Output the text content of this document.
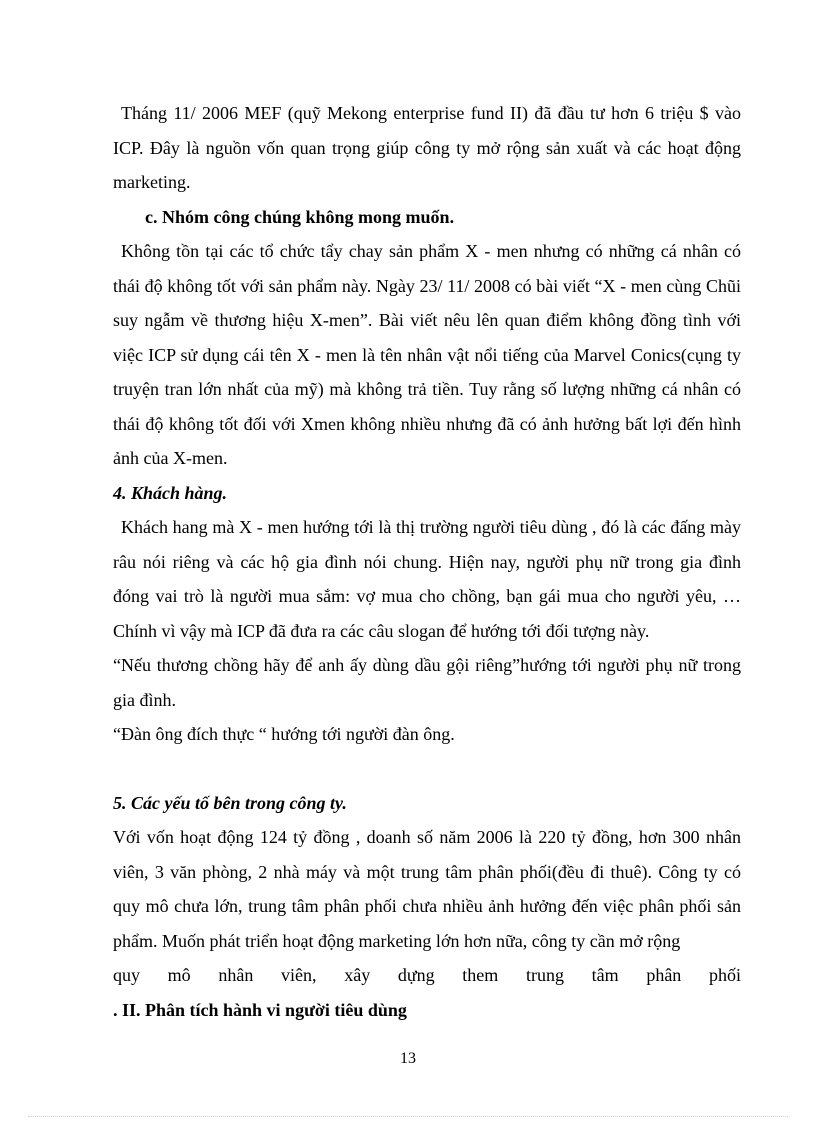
Tháng 11/ 2006 MEF (quỹ Mekong enterprise fund II) đã đầu tư hơn 6 triệu $ vào ICP. Đây là nguồn vốn quan trọng giúp công ty mở rộng sản xuất và các hoạt động marketing.

c. Nhóm công chúng không mong muốn.

Không tồn tại các tổ chức tẩy chay sản phẩm X - men nhưng có những cá nhân có thái độ không tốt với sản phẩm này. Ngày 23/ 11/ 2008 có bài viết “X - men cùng Chũi suy ngẫm về thương hiệu X-men”. Bài viết nêu lên quan điểm không đồng tình với việc ICP sử dụng cái tên X - men là tên nhân vật nổi tiếng của Marvel Conics(cụng ty truyện tran lớn nhất của mỹ) mà không trả tiền. Tuy rằng số lượng những cá nhân có thái độ không tốt đối với Xmen không nhiều nhưng đã có ảnh hưởng bất lợi đến hình ảnh của X-men.

4. Khách hàng.

Khách hang mà X - men hướng tới là thị trường người tiêu dùng , đó là các đấng mày râu nói riêng và các hộ gia đình nói chung. Hiện nay, người phụ nữ trong gia đình đóng vai trò là người mua sắm: vợ mua cho chồng, bạn gái mua cho người yêu, … Chính vì vậy mà ICP đã đưa ra các câu slogan để hướng tới đối tượng này.

“Nếu thương chồng hãy để anh ấy dùng dầu gội riêng”hướng tới người phụ nữ trong gia đình.

“Đàn ông đích thực “ hướng tới người đàn ông.

5. Các yếu tố bên trong công ty.

Với vốn hoạt động 124 tỷ đồng , doanh số năm 2006 là 220 tỷ đồng, hơn 300 nhân viên, 3 văn phòng, 2 nhà máy và một trung tâm phân phối(đều đi thuê). Công ty có quy mô chưa lớn, trung tâm phân phối chưa nhiều ảnh hưởng đến việc phân phối sản phẩm. Muốn phát triển hoạt động marketing lớn hơn nữa, công ty cần mở rộng

quy mô nhân viên, xây dựng them trung tâm phân phối

. II. Phân tích hành vi người tiêu dùng

13
